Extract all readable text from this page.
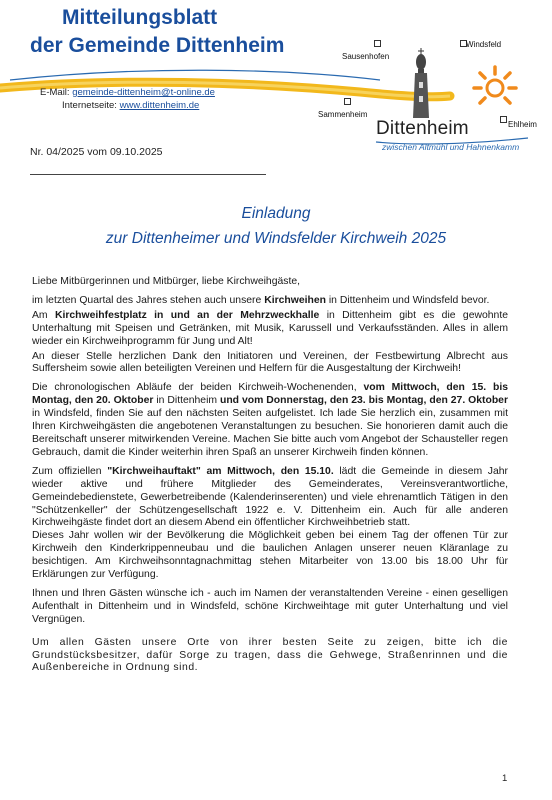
Mitteilungsblatt
der Gemeinde Dittenheim
E-Mail: gemeinde-dittenheim@t-online.de
Internetseite: www.dittenheim.de
Sausenhofen
Windsfeld
Sammenheim
Ehlheim
Dittenheim
zwischen Altmühl und Hahnenkamm
Nr. 04/2025 vom 09.10.2025
Einladung
zur Dittenheimer und Windsfelder Kirchweih 2025

Liebe Mitbürgerinnen und Mitbürger, liebe Kirchweihgäste,

im letzten Quartal des Jahres stehen auch unsere Kirchweihen in Dittenheim und Windsfeld bevor.

Am Kirchweihfestplatz in und an der Mehrzweckhalle in Dittenheim gibt es die gewohnte Unterhaltung mit Speisen und Getränken, mit Musik, Karussell und Verkaufsständen. Alles in allem wieder ein Kirchweihprogramm für Jung und Alt!

An dieser Stelle herzlichen Dank den Initiatoren und Vereinen, der Festbewirtung Albrecht aus Suffersheim sowie allen beteiligten Vereinen und Helfern für die Ausgestaltung der Kirchweih!

Die chronologischen Abläufe der beiden Kirchweih-Wochenenden, vom Mittwoch, den 15. bis Montag, den 20. Oktober in Dittenheim und vom Donnerstag, den 23. bis Montag, den 27. Oktober in Windsfeld, finden Sie auf den nächsten Seiten aufgelistet. Ich lade Sie herzlich ein, zusammen mit Ihren Kirchweihgästen die angebotenen Veranstaltungen zu besuchen. Sie honorieren damit auch die Bereitschaft unserer mitwirkenden Vereine. Machen Sie bitte auch vom Angebot der Schausteller regen Gebrauch, damit die Kinder weiterhin ihren Spaß an unserer Kirchweih finden können.

Zum offiziellen "Kirchweihauftakt" am Mittwoch, den 15.10. lädt die Gemeinde in diesem Jahr wieder aktive und frühere Mitglieder des Gemeinderates, Vereinsverantwortliche, Gemeindebedienstete, Gewerbetreibende (Kalenderinserenten) und viele ehrenamtlich Tätigen in den "Schützenkeller" der Schützengesellschaft 1922 e. V. Dittenheim ein. Auch für alle anderen Kirchweihgäste findet dort an diesem Abend ein öffentlicher Kirchweihbetrieb statt.

Dieses Jahr wollen wir der Bevölkerung die Möglichkeit geben bei einem Tag der offenen Tür zur Kirchweih den Kinderkrippenneubau und die baulichen Anlagen unserer neuen Kläranlage zu besichtigen. Am Kirchweihsonntagnachmittag stehen Mitarbeiter von 13.00 bis 18.00 Uhr für Erklärungen zur Verfügung.

Ihnen und Ihren Gästen wünsche ich - auch im Namen der veranstaltenden Vereine - einen geselligen Aufenthalt in Dittenheim und in Windsfeld, schöne Kirchweihtage mit guter Unterhaltung und viel Vergnügen.

Um allen Gästen unsere Orte von ihrer besten Seite zu zeigen, bitte ich die Grundstücksbesitzer, dafür Sorge zu tragen, dass die Gehwege, Straßenrinnen und die Außenbereiche in Ordnung sind.

1
